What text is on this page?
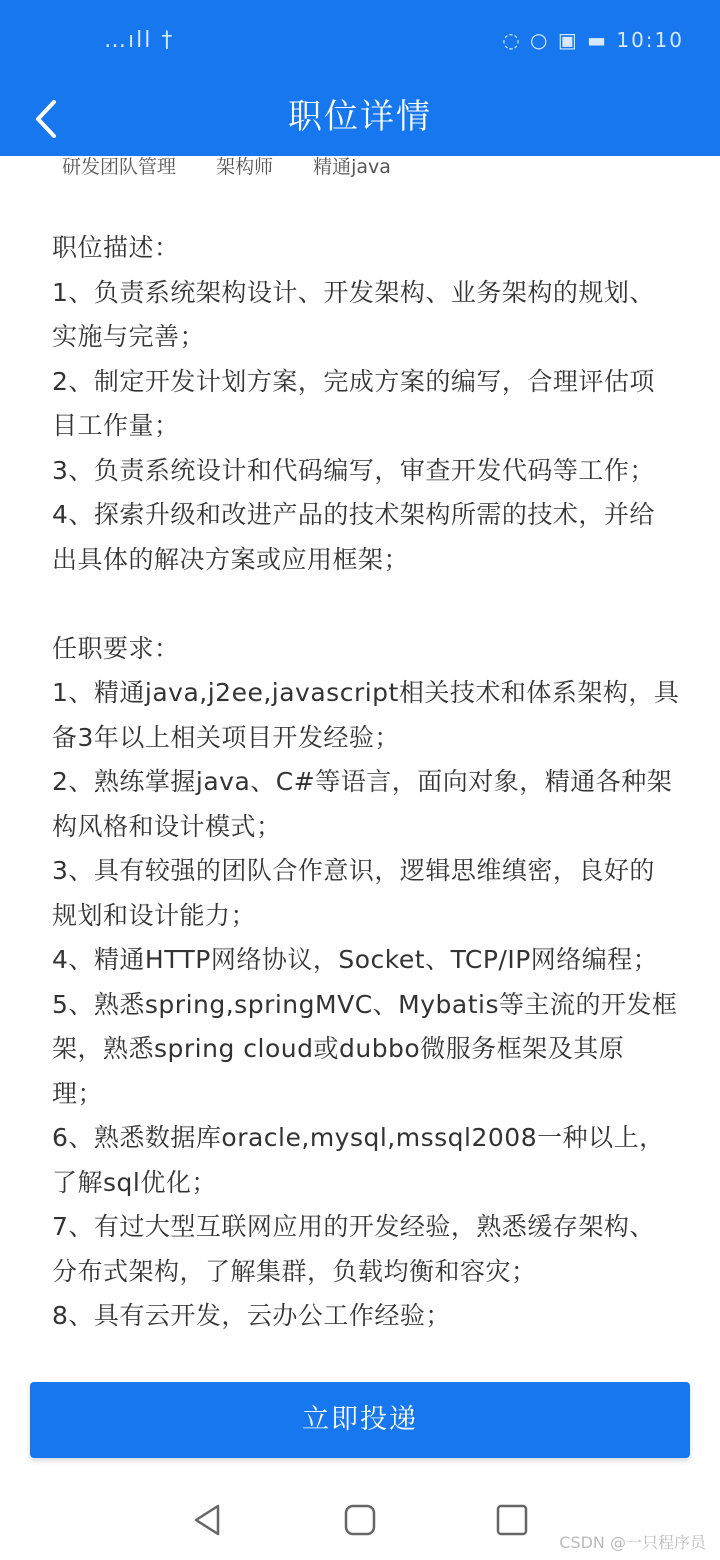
…ıll †	◌ ○ ▣ ▬ 10:10
职位详情
研发团队管理 架构师 精通java
职位描述：
1、负责系统架构设计、开发架构、业务架构的规划、
实施与完善；
2、制定开发计划方案，完成方案的编写，合理评估项
目工作量；
3、负责系统设计和代码编写，审查开发代码等工作；
4、探索升级和改进产品的技术架构所需的技术，并给
出具体的解决方案或应用框架；
任职要求：
1、精通java,j2ee,javascript相关技术和体系架构，具
备3年以上相关项目开发经验；
2、熟练掌握java、C#等语言，面向对象，精通各种架
构风格和设计模式；
3、具有较强的团队合作意识，逻辑思维缜密，良好的
规划和设计能力；
4、精通HTTP网络协议，Socket、TCP/IP网络编程；
5、熟悉spring,springMVC、Mybatis等主流的开发框
架，熟悉spring cloud或dubbo微服务框架及其原
理；
6、熟悉数据库oracle,mysql,mssql2008一种以上，
了解sql优化；
7、有过大型互联网应用的开发经验，熟悉缓存架构、
分布式架构，了解集群，负载均衡和容灾；
8、具有云开发，云办公工作经验；
立即投递
CSDN @一只程序员
